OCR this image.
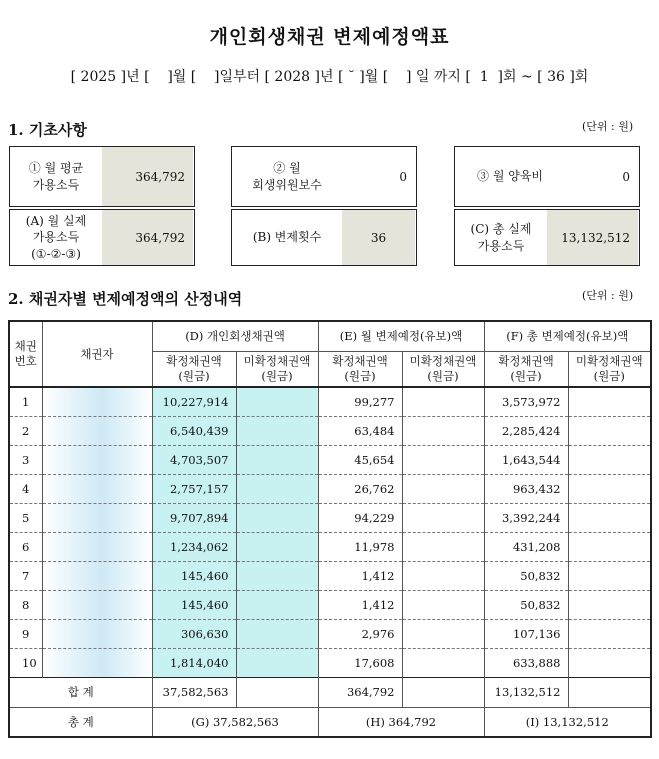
개인회생채권 변제예정액표
[ 2025 ]년 [    ]월 [    ]일부터 [ 2028 ]년 [ ˘ ]월 [    ] 일 까지 [  1  ]회 ~ [ 36 ]회
1. 기초사항	(단위 : 원)
① 월 평균
가용소득
364,792
② 월
회생위원보수
0	③ 월 양육비	0
(A) 월 실제
가용소득
(①-②-③)
364,792	(B) 변제횟수	36
(C) 총 실제
가용소득
13,132,512
2. 채권자별 변제예정액의 산정내역	(단위 : 원)
채권
번호	채권자	(D) 개인회생채권액		(E) 월 변제예정(유보)액		(F) 총 변제예정(유보)액	
		확정채권액
(원금)	미확정채권액
(원금)	확정채권액
(원금)	미확정채권액
(원금)	확정채권액
(원금)	미확정채권액
(원금)
1		10,227,914		99,277		3,573,972	
2		6,540,439		63,484		2,285,424	
3		4,703,507		45,654		1,643,544	
4		2,757,157		26,762		963,432	
5		9,707,894		94,229		3,392,244	
6		1,234,062		11,978		431,208	
7		145,460		1,412		50,832	
8		145,460		1,412		50,832	
9		306,630		2,976		107,136	
10		1,814,040		17,608		633,888	
합 계		37,582,563		364,792		13,132,512	
총 계		(G) 37,582,563		(H) 364,792		(I) 13,132,512	
